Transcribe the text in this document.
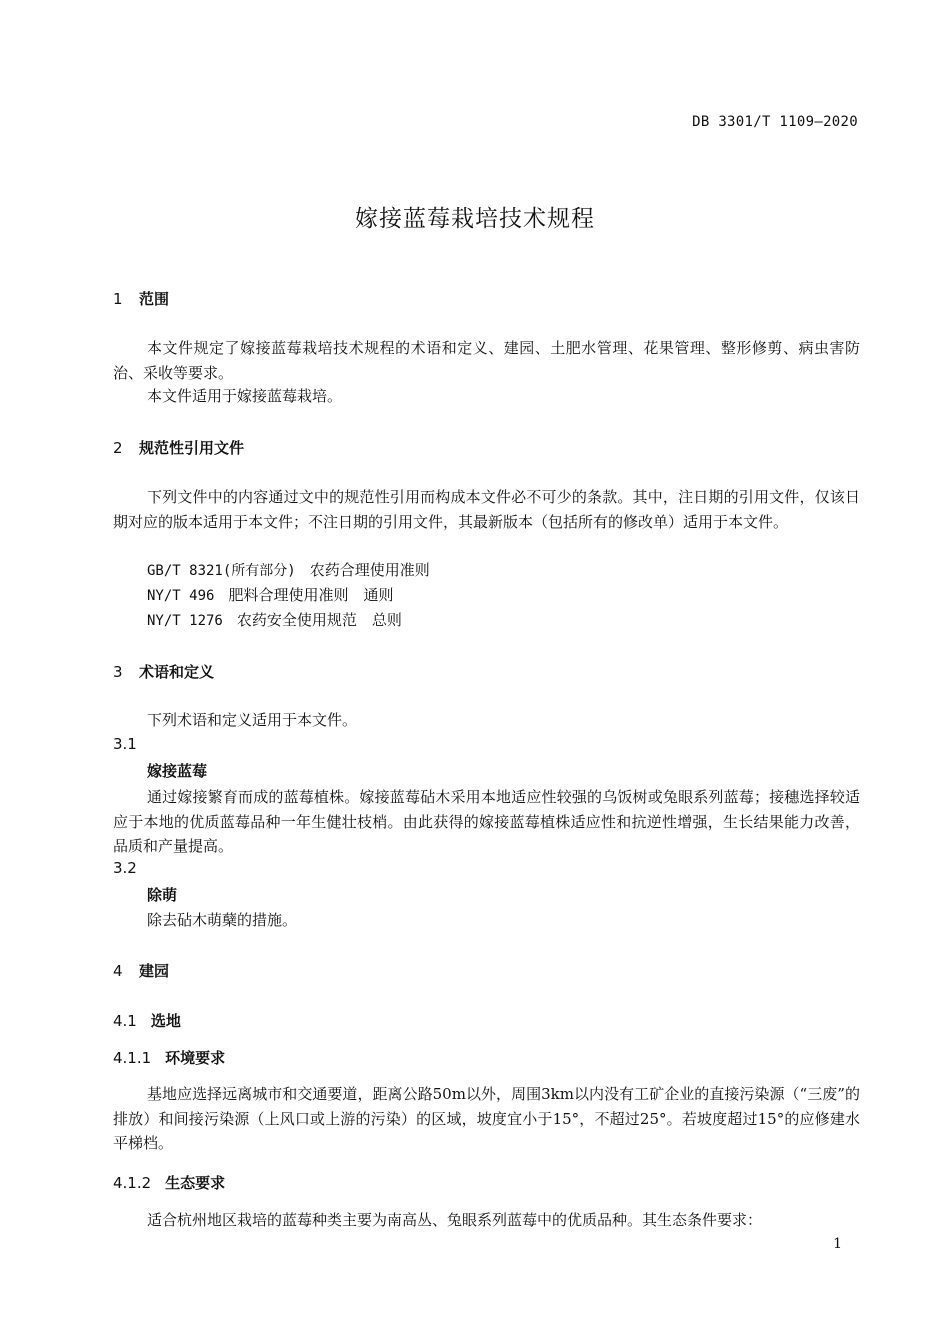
DB 3301/T 1109—2020
嫁接蓝莓栽培技术规程
1 范围
本文件规定了嫁接蓝莓栽培技术规程的术语和定义、建园、土肥水管理、花果管理、整形修剪、病虫害防治、采收等要求。
本文件适用于嫁接蓝莓栽培。
2 规范性引用文件
下列文件中的内容通过文中的规范性引用而构成本文件必不可少的条款。其中，注日期的引用文件，仅该日期对应的版本适用于本文件；不注日期的引用文件，其最新版本（包括所有的修改单）适用于本文件。
GB/T 8321(所有部分) 农药合理使用准则
NY/T 496 肥料合理使用准则　通则
NY/T 1276 农药安全使用规范　总则
3 术语和定义
下列术语和定义适用于本文件。
3.1
嫁接蓝莓
通过嫁接繁育而成的蓝莓植株。嫁接蓝莓砧木采用本地适应性较强的乌饭树或兔眼系列蓝莓；接穗选择较适应于本地的优质蓝莓品种一年生健壮枝梢。由此获得的嫁接蓝莓植株适应性和抗逆性增强，生长结果能力改善，品质和产量提高。
3.2
除萌
除去砧木萌蘖的措施。
4 建园
4.1 选地
4.1.1 环境要求
基地应选择远离城市和交通要道，距离公路50m以外，周围3km以内没有工矿企业的直接污染源（“三废”的排放）和间接污染源（上风口或上游的污染）的区域，坡度宜小于15°，不超过25°。若坡度超过15°的应修建水平梯档。
4.1.2 生态要求
适合杭州地区栽培的蓝莓种类主要为南高丛、兔眼系列蓝莓中的优质品种。其生态条件要求：
1
